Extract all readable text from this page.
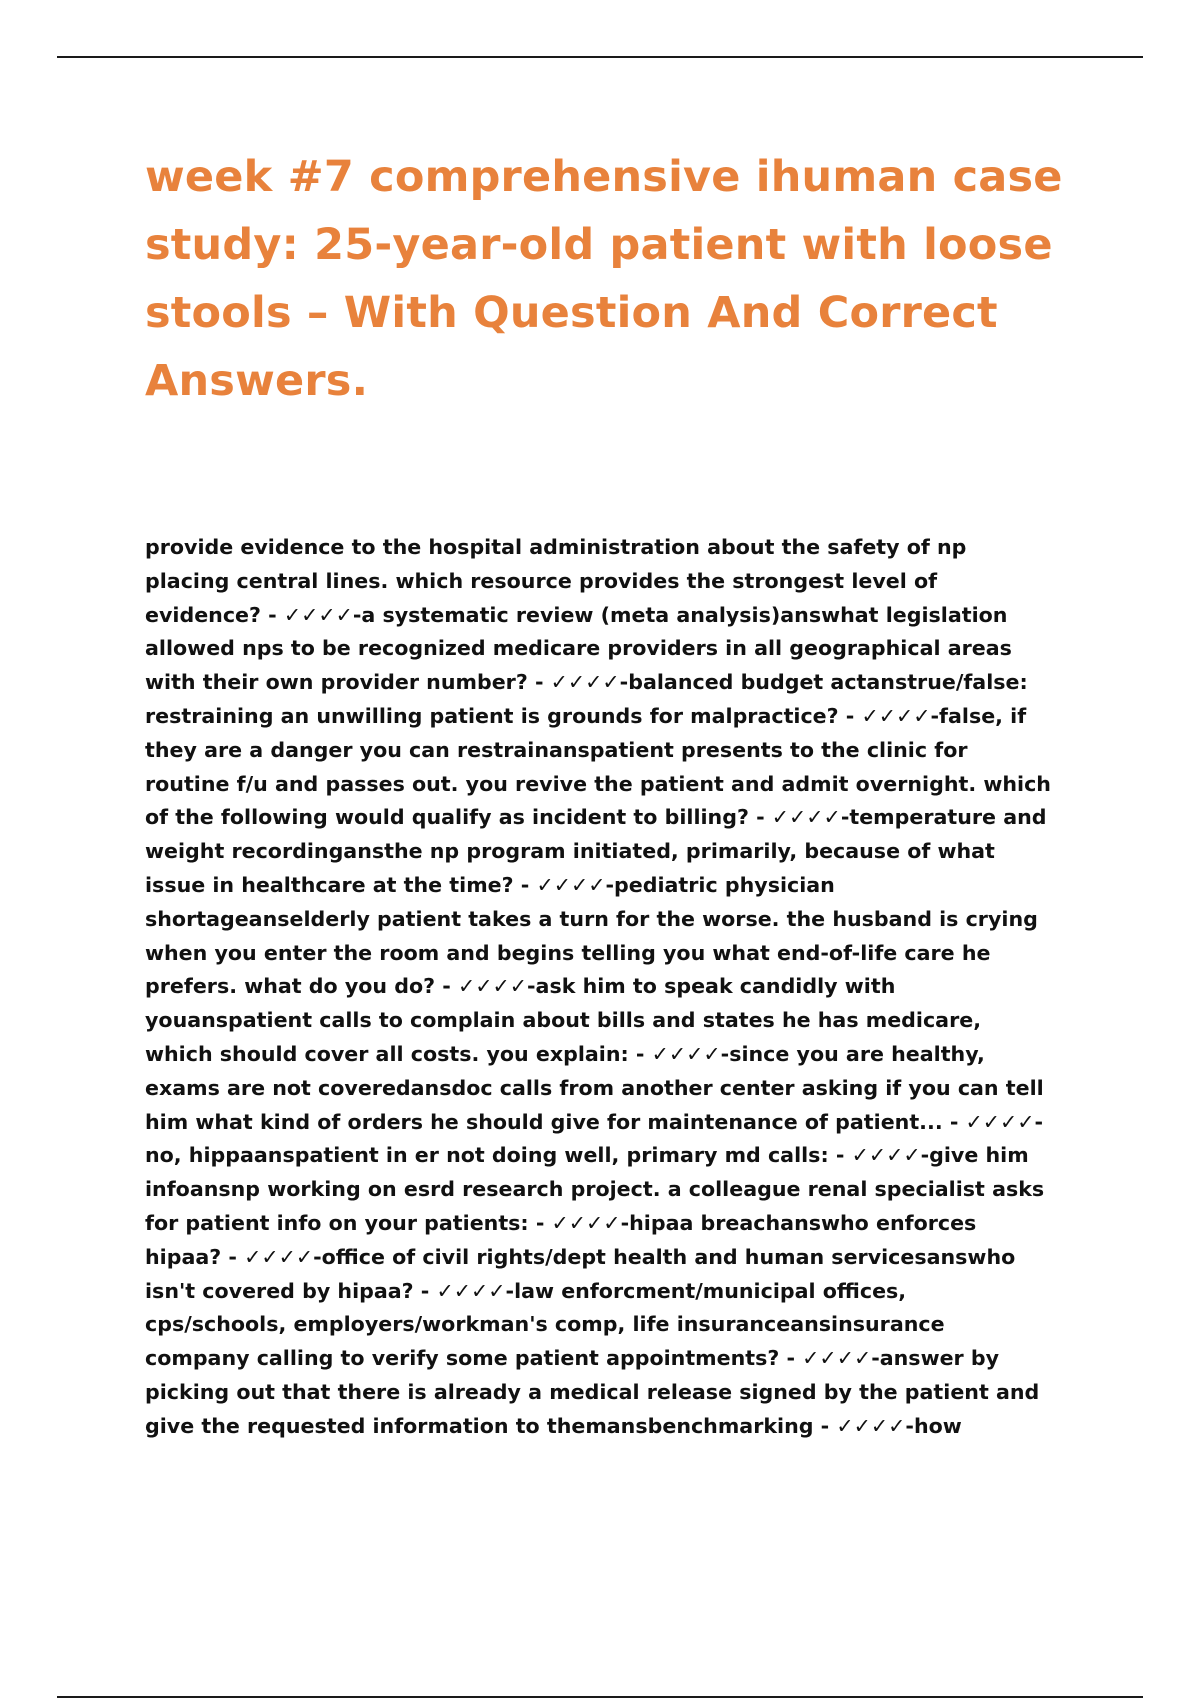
week #7 comprehensive ihuman case
study: 25-year-old patient with loose
stools – With Question And Correct
Answers.
provide evidence to the hospital administration about the safety of np
placing central lines. which resource provides the strongest level of
evidence? - ✓✓✓✓-a systematic review (meta analysis)answhat legislation
allowed nps to be recognized medicare providers in all geographical areas
with their own provider number? - ✓✓✓✓-balanced budget actanstrue/false:
restraining an unwilling patient is grounds for malpractice? - ✓✓✓✓-false, if
they are a danger you can restrainanspatient presents to the clinic for
routine f/u and passes out. you revive the patient and admit overnight. which
of the following would qualify as incident to billing? - ✓✓✓✓-temperature and
weight recordingansthe np program initiated, primarily, because of what
issue in healthcare at the time? - ✓✓✓✓-pediatric physician
shortageanselderly patient takes a turn for the worse. the husband is crying
when you enter the room and begins telling you what end-of-life care he
prefers. what do you do? - ✓✓✓✓-ask him to speak candidly with
youanspatient calls to complain about bills and states he has medicare,
which should cover all costs. you explain: - ✓✓✓✓-since you are healthy,
exams are not coveredansdoc calls from another center asking if you can tell
him what kind of orders he should give for maintenance of patient... - ✓✓✓✓-
no, hippaanspatient in er not doing well, primary md calls: - ✓✓✓✓-give him
infoansnp working on esrd research project. a colleague renal specialist asks
for patient info on your patients: - ✓✓✓✓-hipaa breachanswho enforces
hipaa? - ✓✓✓✓-office of civil rights/dept health and human servicesanswho
isn't covered by hipaa? - ✓✓✓✓-law enforcment/municipal offices,
cps/schools, employers/workman's comp, life insuranceansinsurance
company calling to verify some patient appointments? - ✓✓✓✓-answer by
picking out that there is already a medical release signed by the patient and
give the requested information to themansbenchmarking - ✓✓✓✓-how
